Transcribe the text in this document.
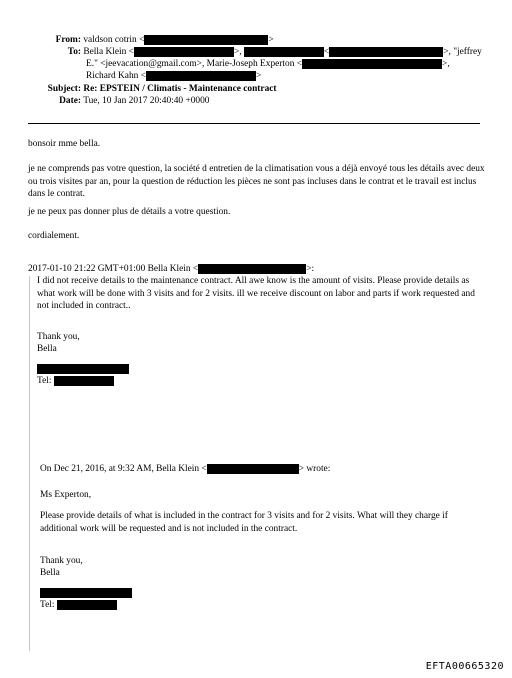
From: valdson cotrin <	>
To: Bella Klein <	>,	<	>, "jeffrey
E." <jeevacation@gmail.com>, Marie-Joseph Experton <	>,
Richard Kahn <	>
Subject: Re: EPSTEIN / Climatis - Maintenance contract
Date: Tue, 10 Jan 2017 20:40:40 +0000
bonsoir mme bella.
je ne comprends pas votre question, la société d entretien de la climatisation vous a déjà envoyé tous les détails avec deux ou trois visites par an, pour la question de réduction les pièces ne sont pas incluses dans le contrat et le travail est inclus dans le contrat.
je ne peux pas donner plus de détails a votre question.
cordialement.
2017-01-10 21:22 GMT+01:00 Bella Klein <	>:
I did not receive details to the maintenance contract. All awe know is the amount of visits. Please provide details as what work will be done with 3 visits and for 2 visits. ill we receive discount on labor and parts if work requested and not included in contract..
Thank you,
Bella
Tel:
On Dec 21, 2016, at 9:32 AM, Bella Klein <	> wrote:
Ms Experton,
Please provide details of what is included in the contract for 3 visits and for 2 visits. What will they charge if additional work will be requested and is not included in the contract.
Thank you,
Bella
Tel:
EFTA00665320
